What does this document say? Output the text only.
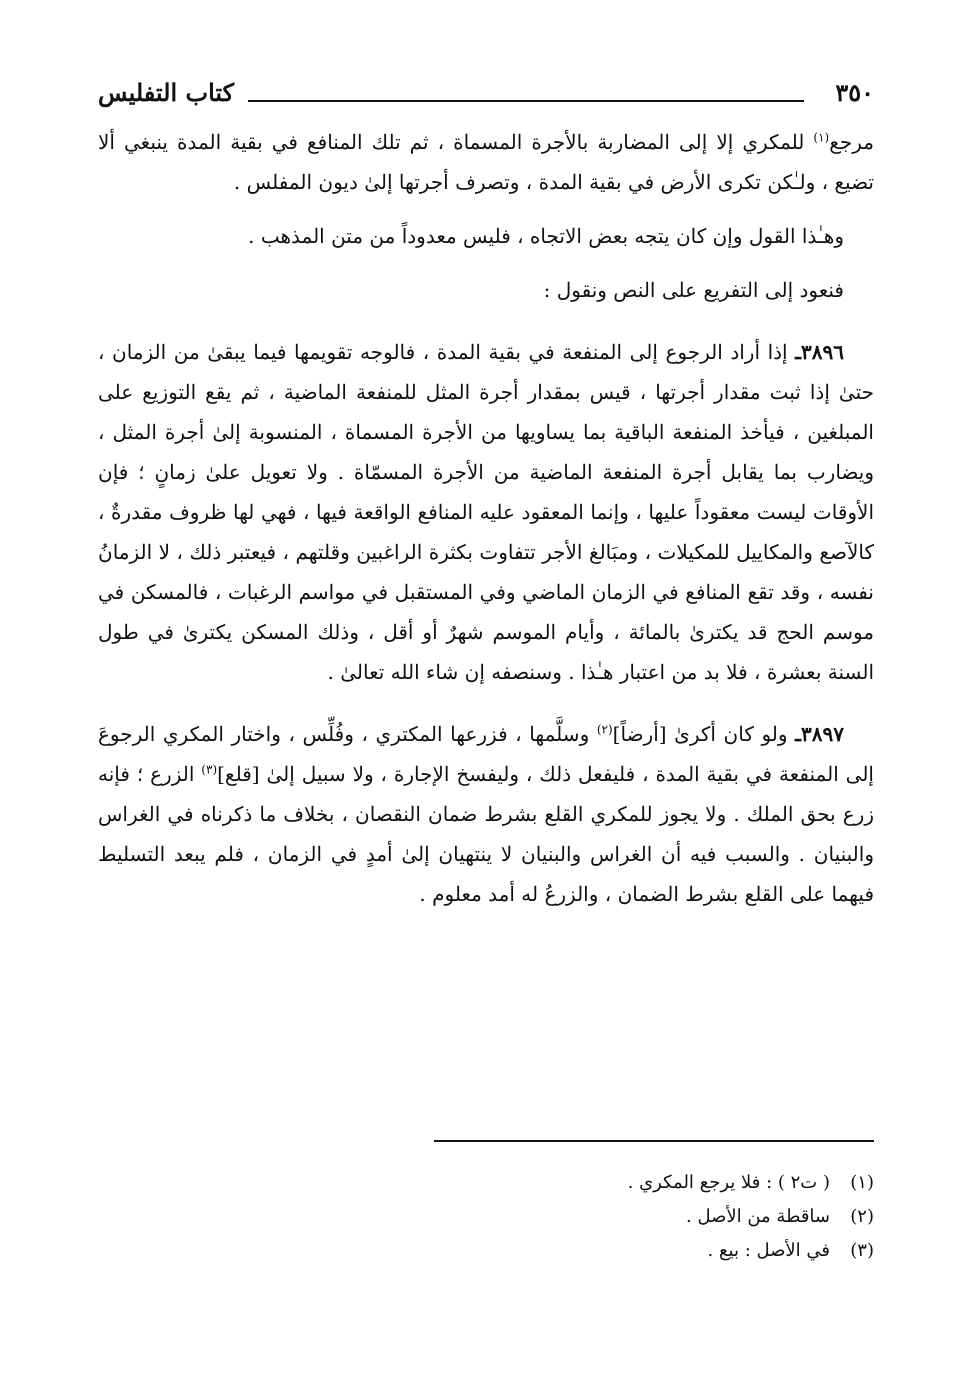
٣٥٠
كتاب التفليس

مرجع$^{(١)}$ للمكري إلا إلى المضاربة بالأجرة المسماة ، ثم تلك المنافع في بقية المدة ينبغي ألا تضيع ، ولـٰكن تكرى الأرض في بقية المدة ، وتصرف أجرتها إلىٰ ديون المفلس .

وهـٰذا القول وإن كان يتجه بعض الاتجاه ، فليس معدوداً من متن المذهب .

فنعود إلى التفريع على النص ونقول :

٣٨٩٦ـ إذا أراد الرجوع إلى المنفعة في بقية المدة ، فالوجه تقويمها فيما يبقىٰ من الزمان ، حتىٰ إذا ثبت مقدار أجرتها ، قيس بمقدار أجرة المثل للمنفعة الماضية ، ثم يقع التوزيع على المبلغين ، فيأخذ المنفعة الباقية بما يساويها من الأجرة المسماة ، المنسوبة إلىٰ أجرة المثل ، ويضارب بما يقابل أجرة المنفعة الماضية من الأجرة المسمّاة . ولا تعويل علىٰ زمانٍ ؛ فإن الأوقات ليست معقوداً عليها ، وإنما المعقود عليه المنافع الواقعة فيها ، فهي لها ظروف مقدرةٌ ، كالآصع والمكاييل للمكيلات ، ومبَالغ الأجر تتفاوت بكثرة الراغبين وقلتهم ، فيعتبر ذلك ، لا الزمانُ نفسه ، وقد تقع المنافع في الزمان الماضي وفي المستقبل في مواسم الرغبات ، فالمسكن في موسم الحج قد يكترىٰ بالمائة ، وأيام الموسم شهرٌ أو أقل ، وذلك المسكن يكترىٰ في طول السنة بعشرة ، فلا بد من اعتبار هـٰذا . وسنصفه إن شاء الله تعالىٰ .

٣٨٩٧ـ ولو كان أكرىٰ [أرضاً]$^{(٢)}$ وسلَّمها ، فزرعها المكتري ، وفُلِّس ، واختار المكري الرجوعَ إلى المنفعة في بقية المدة ، فليفعل ذلك ، وليفسخ الإجارة ، ولا سبيل إلىٰ [قلع]$^{(٣)}$ الزرع ؛ فإنه زرع بحق الملك . ولا يجوز للمكري القلع بشرط ضمان النقصان ، بخلاف ما ذكرناه في الغراس والبنيان . والسبب فيه أن الغراس والبنيان لا ينتهيان إلىٰ أمدٍ في الزمان ، فلم يبعد التسليط فيهما على القلع بشرط الضمان ، والزرعُ له أمد معلوم .

(١)
( ت٢ ) : فلا يرجع المكري .
(٢)
ساقطة من الأصل .
(٣)
في الأصل : بيع .
